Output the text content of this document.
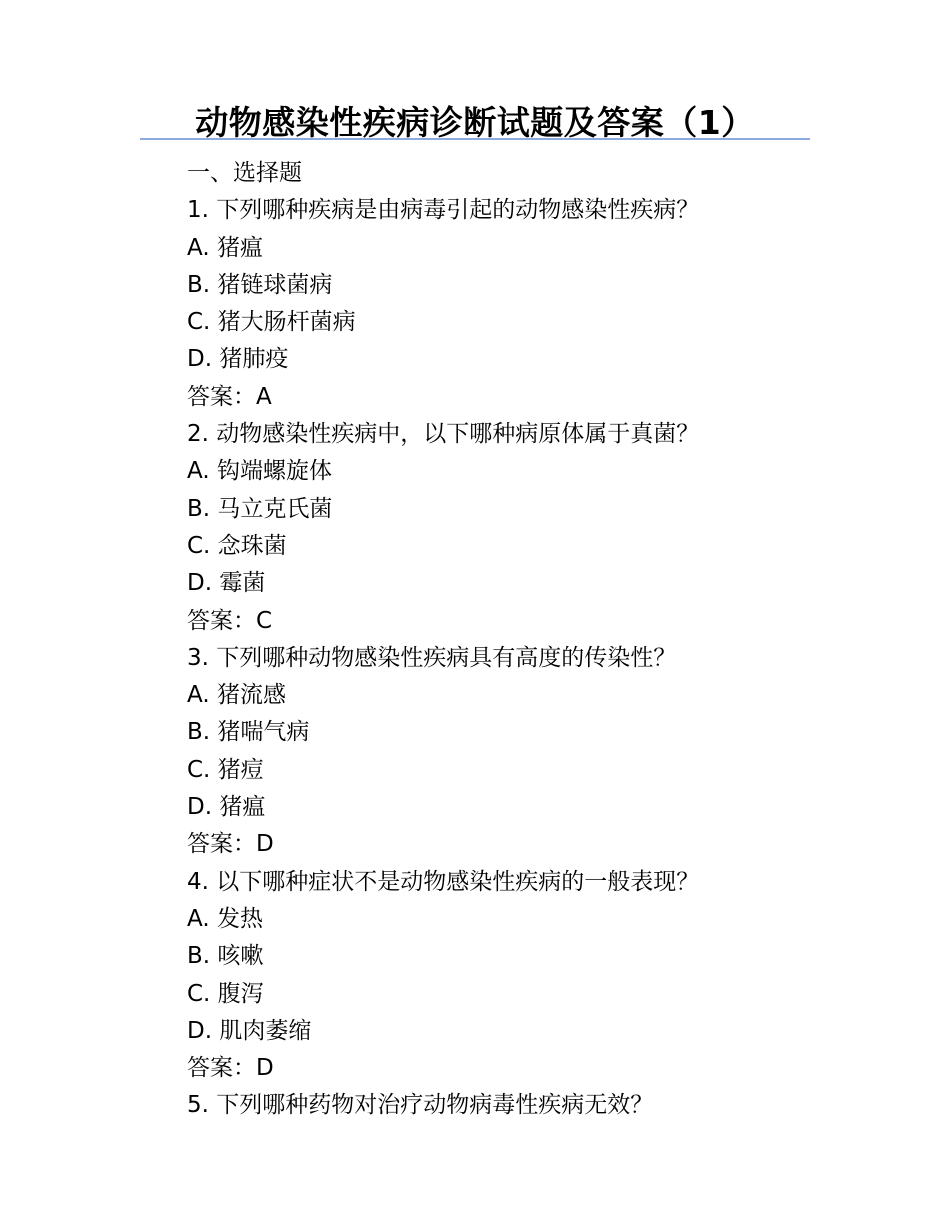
动物感染性疾病诊断试题及答案（1）

一、选择题

1. 下列哪种疾病是由病毒引起的动物感染性疾病？

A. 猪瘟

B. 猪链球菌病

C. 猪大肠杆菌病

D. 猪肺疫

答案：A

2. 动物感染性疾病中，以下哪种病原体属于真菌？

A. 钩端螺旋体

B. 马立克氏菌

C. 念珠菌

D. 霉菌

答案：C

3. 下列哪种动物感染性疾病具有高度的传染性？

A. 猪流感

B. 猪喘气病

C. 猪痘

D. 猪瘟

答案：D

4. 以下哪种症状不是动物感染性疾病的一般表现？

A. 发热

B. 咳嗽

C. 腹泻

D. 肌肉萎缩

答案：D

5. 下列哪种药物对治疗动物病毒性疾病无效？
